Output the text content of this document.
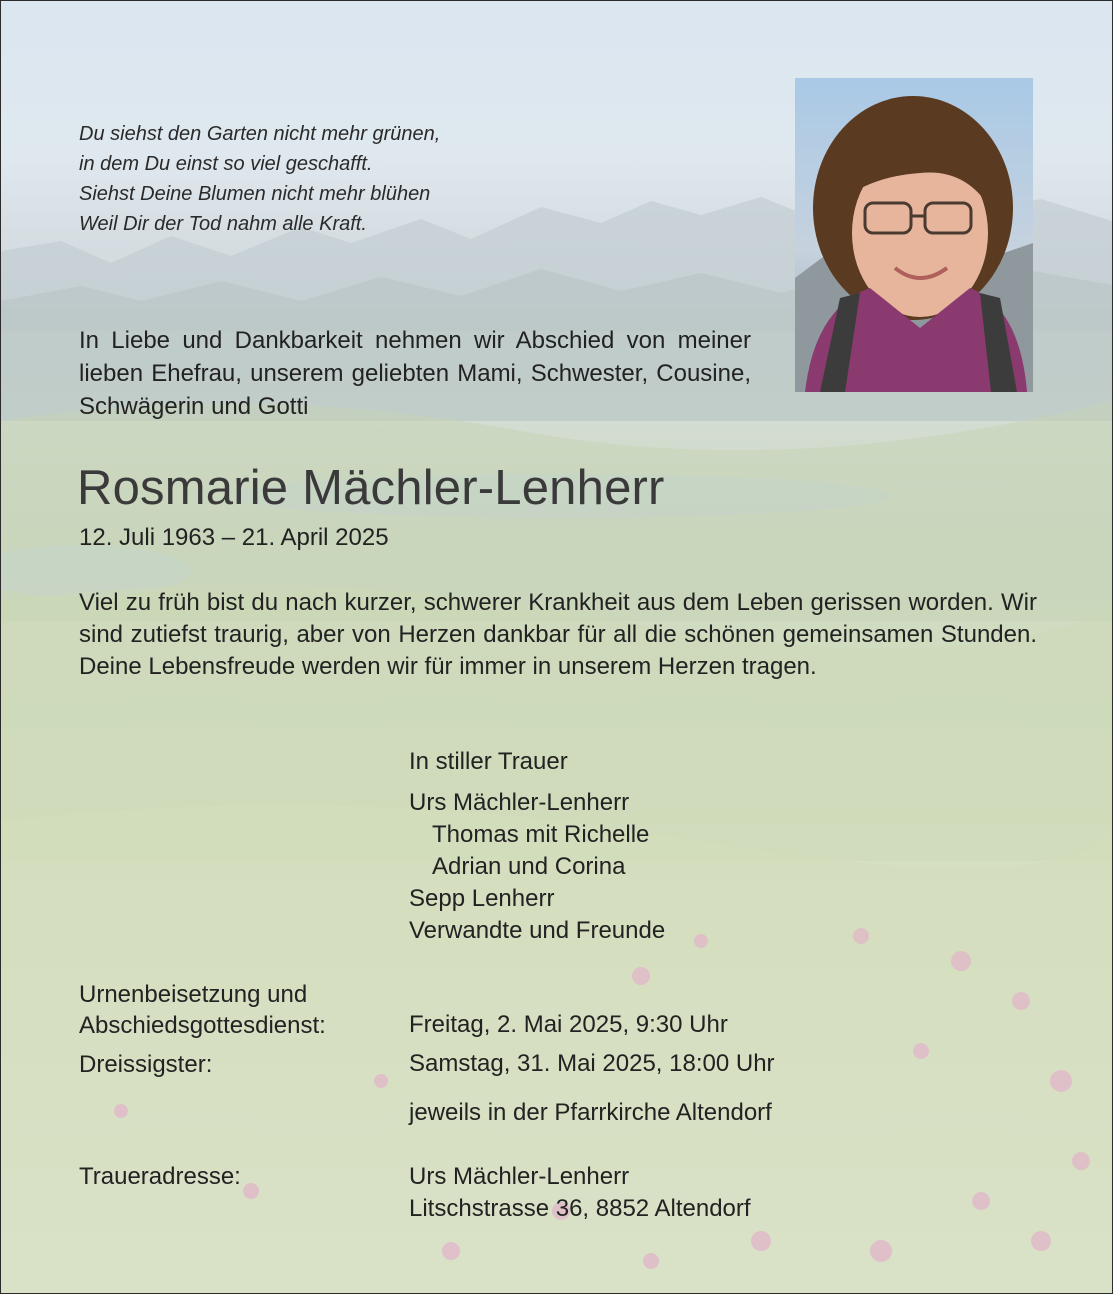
Du siehst den Garten nicht mehr grünen,
in dem Du einst so viel geschafft.
Siehst Deine Blumen nicht mehr blühen
Weil Dir der Tod nahm alle Kraft.
In Liebe und Dankbarkeit nehmen wir Abschied von meiner lieben Ehefrau, unserem geliebten Mami, Schwester, Cousine, Schwägerin und Gotti
Rosmarie Mächler-Lenherr
12. Juli 1963 – 21. April 2025
Viel zu früh bist du nach kurzer, schwerer Krankheit aus dem Leben gerissen worden. Wir sind zutiefst traurig, aber von Herzen dankbar für all die schönen gemeinsamen Stunden. Deine Lebensfreude werden wir für immer in unserem Herzen tragen.
In stiller Trauer
Urs Mächler-Lenherr
Thomas mit Richelle
Adrian und Corina
Sepp Lenherr
Verwandte und Freunde
Urnenbeisetzung und
Abschiedsgottesdienst:	Freitag, 2. Mai 2025, 9:30 Uhr
Dreissigster:	Samstag, 31. Mai 2025, 18:00 Uhr
jeweils in der Pfarrkirche Altendorf
Traueradresse:	Urs Mächler-Lenherr
Litschstrasse 36, 8852 Altendorf
